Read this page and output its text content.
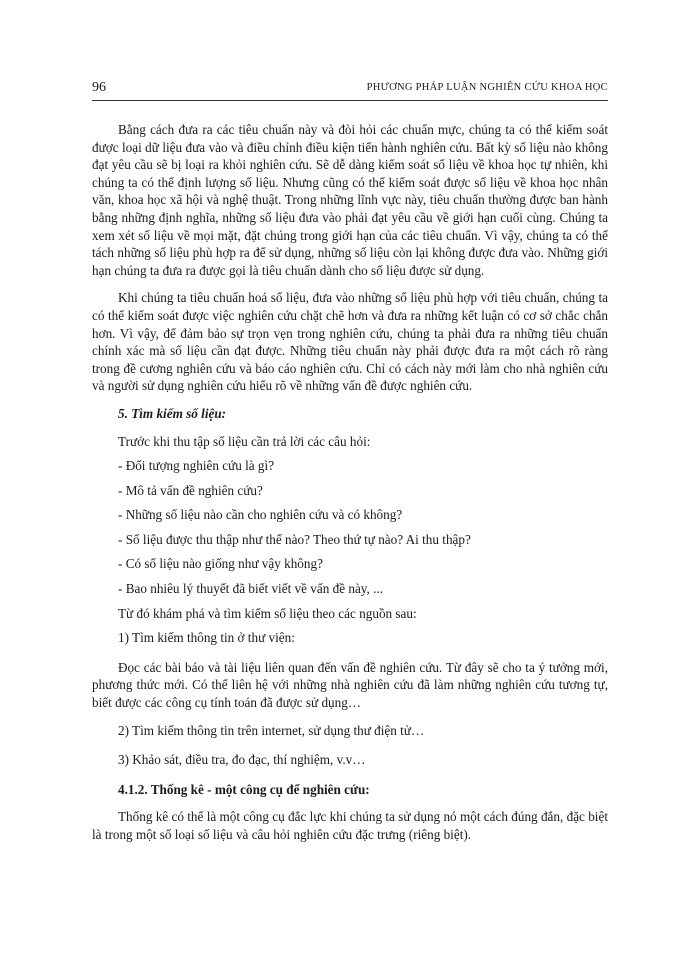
96	PHƯƠNG PHÁP LUẬN NGHIÊN CỨU KHOA HỌC

Bằng cách đưa ra các tiêu chuẩn này và đòi hỏi các chuẩn mực, chúng ta có thể kiểm soát được loại dữ liệu đưa vào và điều chỉnh điều kiện tiến hành nghiên cứu. Bất kỳ số liệu nào không đạt yêu cầu sẽ bị loại ra khỏi nghiên cứu. Sẽ dễ dàng kiểm soát số liệu về khoa học tự nhiên, khi chúng ta có thể định lượng số liệu. Nhưng cũng có thể kiểm soát được số liệu về khoa học nhân văn, khoa học xã hội và nghệ thuật. Trong những lĩnh vực này, tiêu chuẩn thường được ban hành bằng những định nghĩa, những số liệu đưa vào phải đạt yêu cầu về giới hạn cuối cùng. Chúng ta xem xét số liệu về mọi mặt, đặt chúng trong giới hạn của các tiêu chuẩn. Vì vậy, chúng ta có thể tách những số liệu phù hợp ra để sử dụng, những số liệu còn lại không được đưa vào. Những giới hạn chúng ta đưa ra được gọi là tiêu chuẩn dành cho số liệu được sử dụng.

Khi chúng ta tiêu chuẩn hoá số liệu, đưa vào những số liệu phù hợp với tiêu chuẩn, chúng ta có thể kiểm soát được việc nghiên cứu chặt chẽ hơn và đưa ra những kết luận có cơ sở chắc chắn hơn. Vì vậy, để đảm bảo sự trọn vẹn trong nghiên cứu, chúng ta phải đưa ra những tiêu chuẩn chính xác mà số liệu cần đạt được. Những tiêu chuẩn này phải được đưa ra một cách rõ ràng trong đề cương nghiên cứu và báo cáo nghiên cứu. Chỉ có cách này mới làm cho nhà nghiên cứu và người sử dụng nghiên cứu hiểu rõ về những vấn đề được nghiên cứu.

5. Tìm kiếm số liệu:

Trước khi thu tập số liệu cần trả lời các câu hỏi:

- Đối tượng nghiên cứu là gì?

- Mô tả vấn đề nghiên cứu?

- Những số liệu nào cần cho nghiên cứu và có không?

- Số liệu được thu thập như thế nào? Theo thứ tự nào? Ai thu thập?

- Có số liệu nào giống như vậy không?

- Bao nhiêu lý thuyết đã biết viết về vấn đề này, ...

Từ đó khám phá và tìm kiếm số liệu theo các nguồn sau:

1) Tìm kiếm thông tin ở thư viện:

Đọc các bài báo và tài liệu liên quan đến vấn đề nghiên cứu. Từ đây sẽ cho ta ý tưởng mới, phương thức mới. Có thể liên hệ với những nhà nghiên cứu đã làm những nghiên cứu tương tự, biết được các công cụ tính toán đã được sử dụng…

2) Tìm kiếm thông tin trên internet, sử dụng thư điện tử…

3) Khảo sát, điều tra, đo đạc, thí nghiệm, v.v…

4.1.2. Thống kê - một công cụ để nghiên cứu:

Thống kê có thể là một công cụ đắc lực khi chúng ta sử dụng nó một cách đúng đắn, đặc biệt là trong một số loại số liệu và câu hỏi nghiên cứu đặc trưng (riêng biệt).
